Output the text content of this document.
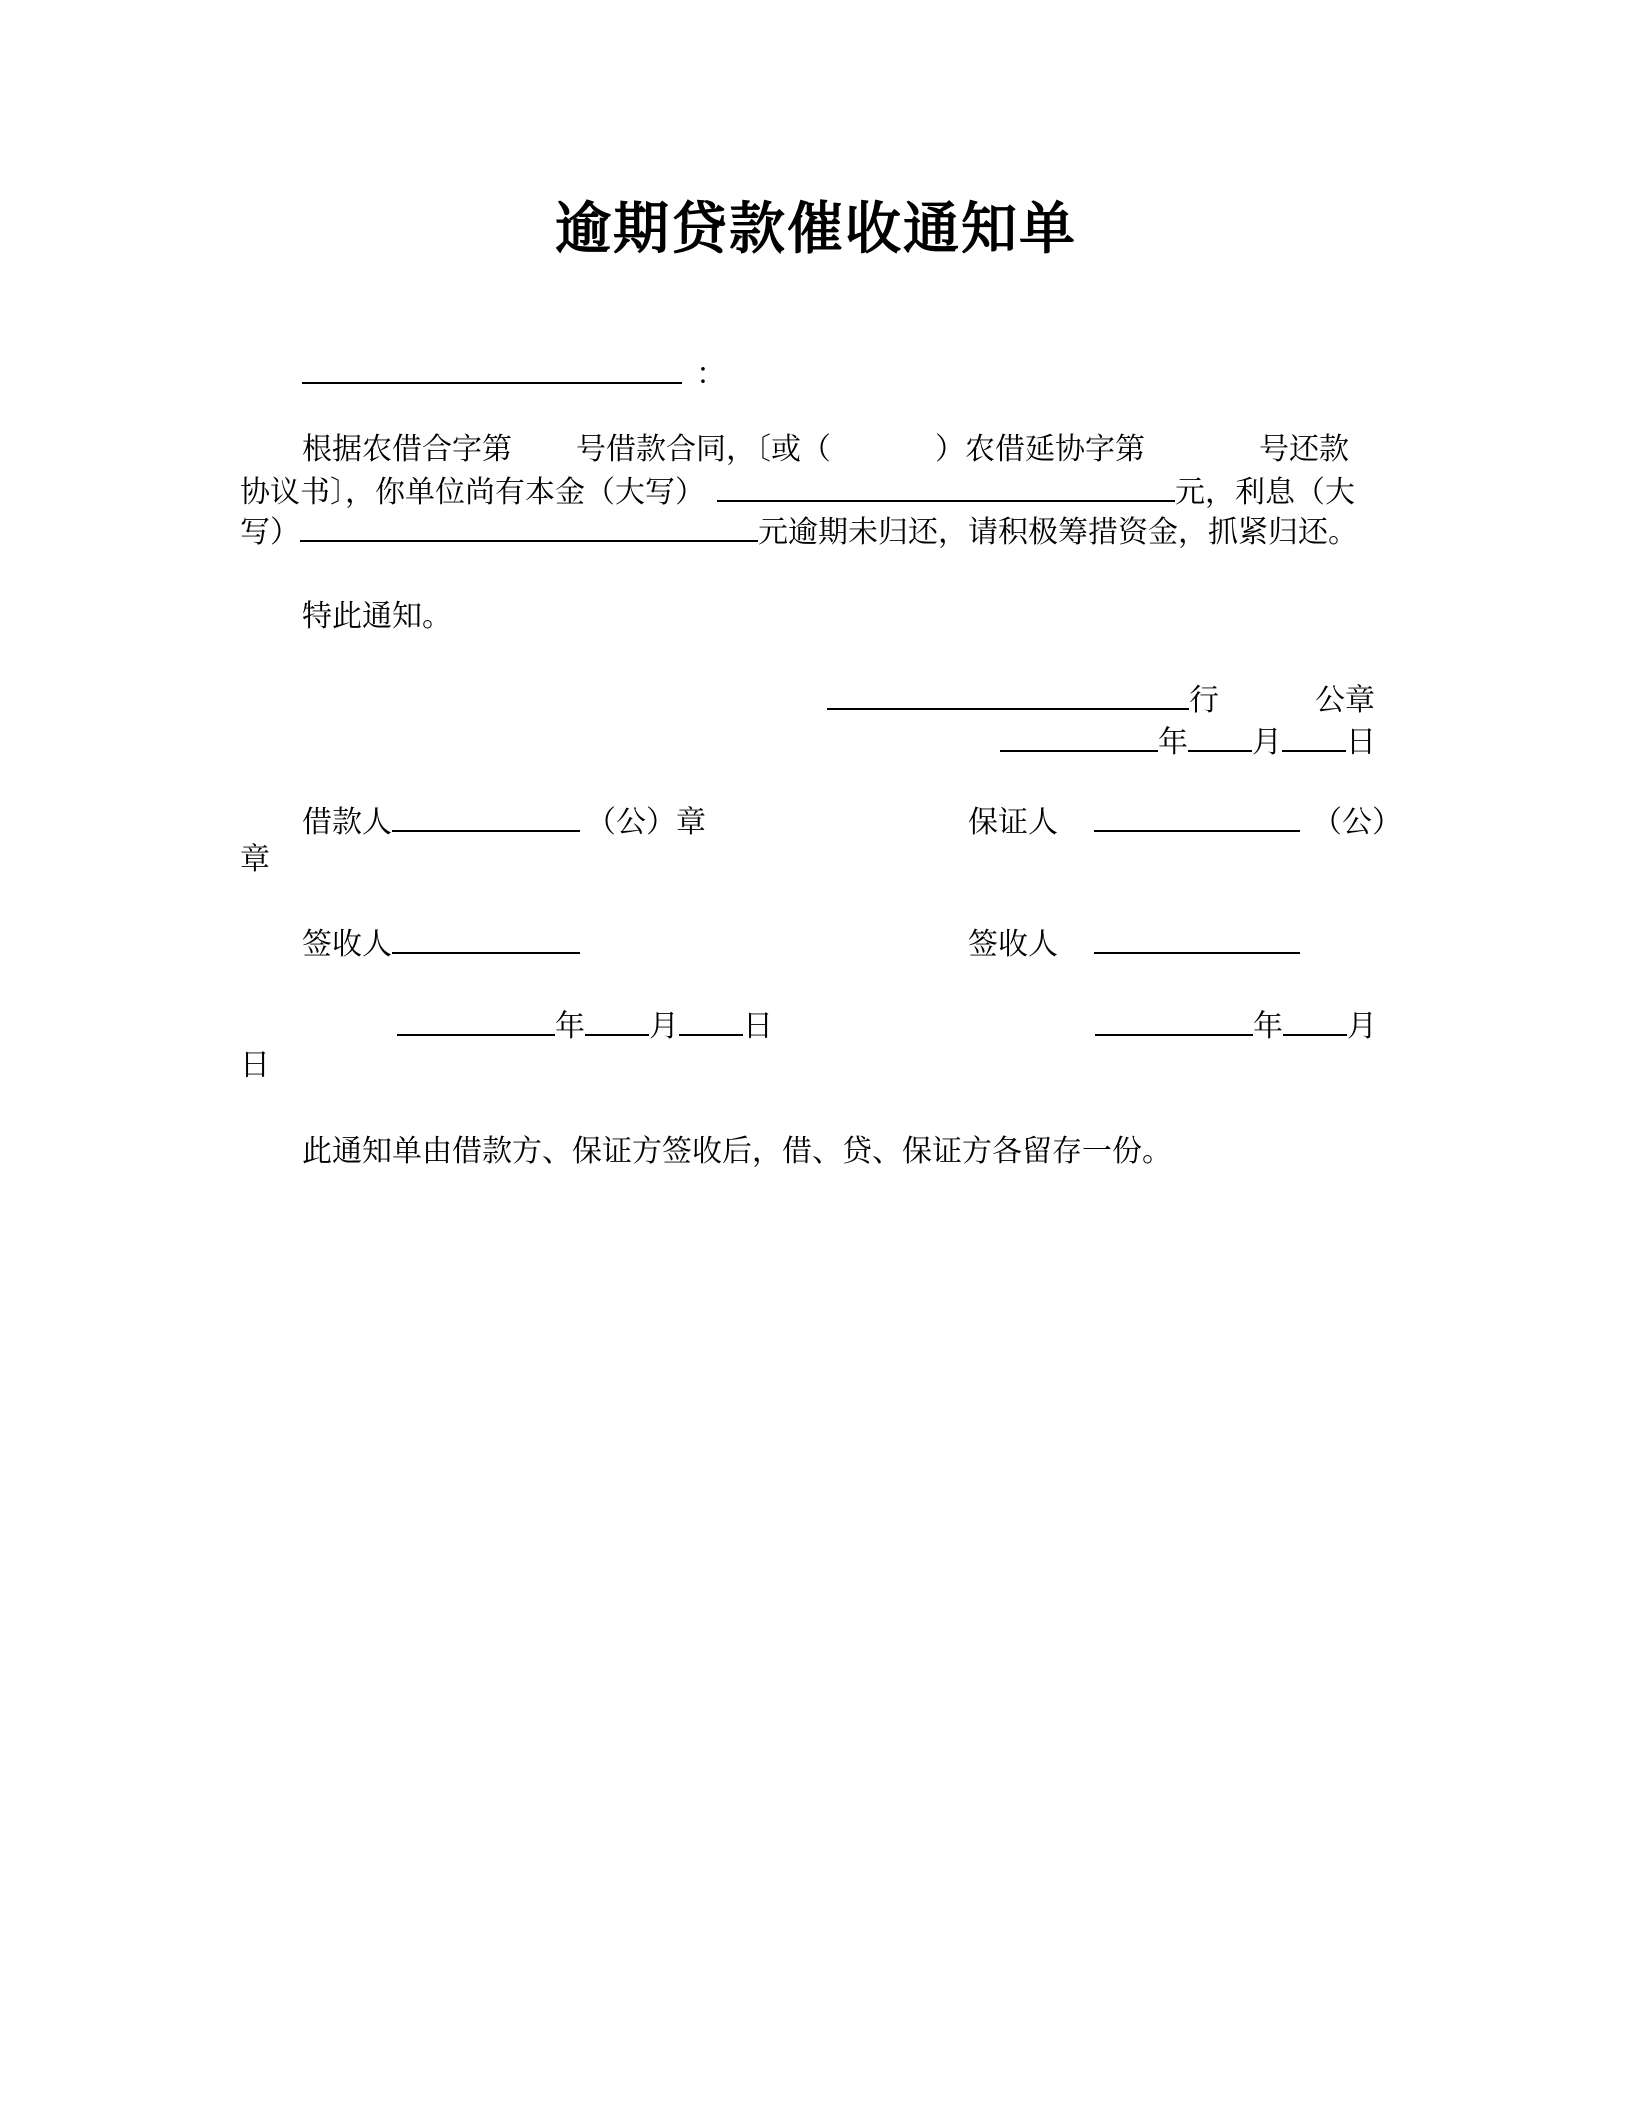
逾期贷款催收通知单
：
根据农借合字第 号借款合同，〔或（	）农借延协字第	号还款
协议书〕，你单位尚有本金（大写）	元，利息（大
写）	元逾期未归还，请积极筹措资金，抓紧归还。
特此通知。
行	公章
年 月 日
借款人	（公）章	保证人	（公）
章
签收人	签收人
年 月 日	年 月
日
此通知单由借款方、保证方签收后，借、贷、保证方各留存一份。
